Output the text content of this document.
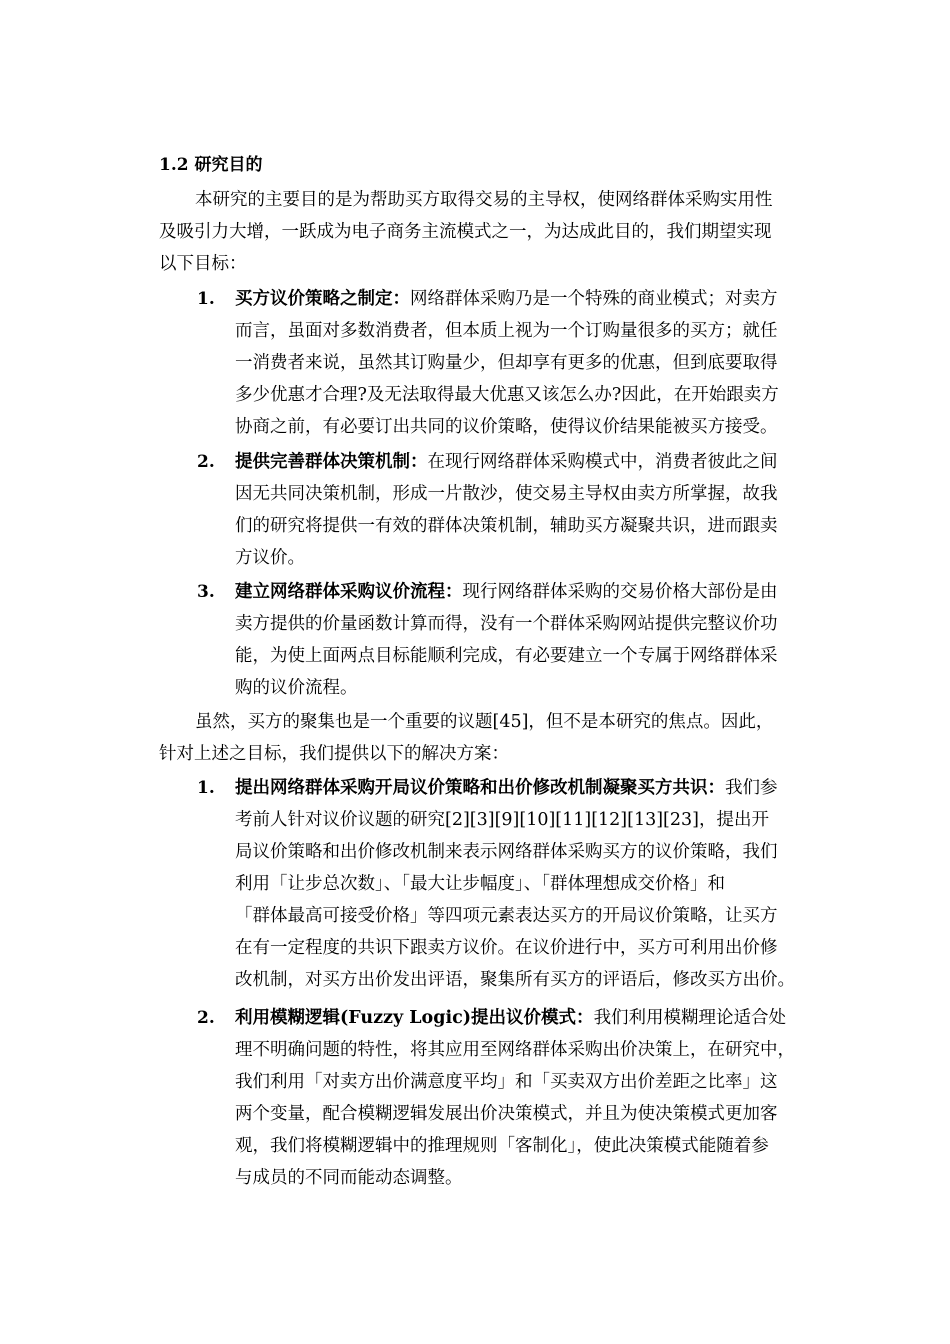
1.2 研究目的
本研究的主要目的是为帮助买方取得交易的主导权，使网络群体采购实用性
及吸引力大增，一跃成为电子商务主流模式之一，为达成此目的，我们期望实现
以下目标：
1.	买方议价策略之制定：网络群体采购乃是一个特殊的商业模式；对卖方
而言，虽面对多数消费者，但本质上视为一个订购量很多的买方；就任
一消费者来说，虽然其订购量少，但却享有更多的优惠，但到底要取得
多少优惠才合理?及无法取得最大优惠又该怎么办?因此，在开始跟卖方
协商之前，有必要订出共同的议价策略，使得议价结果能被买方接受。
2.	提供完善群体决策机制：在现行网络群体采购模式中，消费者彼此之间
因无共同决策机制，形成一片散沙，使交易主导权由卖方所掌握，故我
们的研究将提供一有效的群体决策机制，辅助买方凝聚共识，进而跟卖
方议价。
3.	建立网络群体采购议价流程：现行网络群体采购的交易价格大部份是由
卖方提供的价量函数计算而得，没有一个群体采购网站提供完整议价功
能，为使上面两点目标能顺利完成，有必要建立一个专属于网络群体采
购的议价流程。
虽然，买方的聚集也是一个重要的议题[45]，但不是本研究的焦点。因此，
针对上述之目标，我们提供以下的解决方案：
1.	提出网络群体采购开局议价策略和出价修改机制凝聚买方共识：我们参
考前人针对议价议题的研究[2][3][9][10][11][12][13][23]，提出开
局议价策略和出价修改机制来表示网络群体采购买方的议价策略，我们
利用「让步总次数」、「最大让步幅度」、「群体理想成交价格」和
「群体最高可接受价格」等四项元素表达买方的开局议价策略，让买方
在有一定程度的共识下跟卖方议价。在议价进行中，买方可利用出价修
改机制，对买方出价发出评语，聚集所有买方的评语后，修改买方出价。
2.	利用模糊逻辑(Fuzzy Logic)提出议价模式：我们利用模糊理论适合处
理不明确问题的特性，将其应用至网络群体采购出价决策上，在研究中，
我们利用「对卖方出价满意度平均」和「买卖双方出价差距之比率」这
两个变量，配合模糊逻辑发展出价决策模式，并且为使决策模式更加客
观，我们将模糊逻辑中的推理规则「客制化」，使此决策模式能随着参
与成员的不同而能动态调整。
